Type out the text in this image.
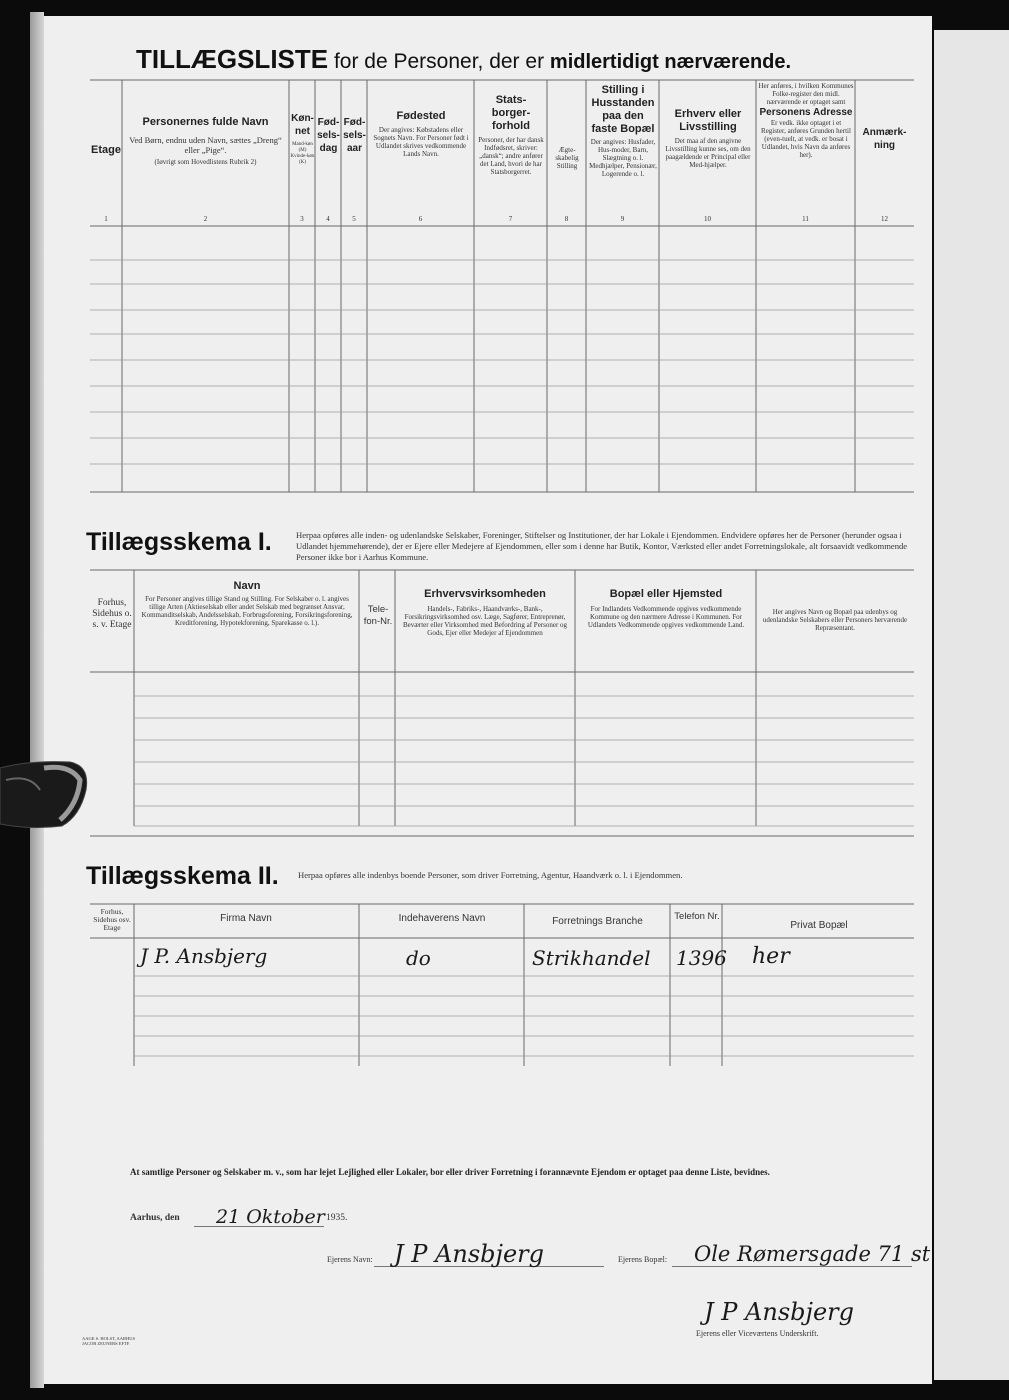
TILLÆGSLISTE for de Personer, der er midlertidigt nærværende.
Etage
Personernes fulde Navn
Ved Børn, endnu uden Navn, sættes „Dreng“ eller „Pige“.
(Iøvrigt som Hovedlistens Rubrik 2)
Køn-net
Mand-køn (M) Kvinde-køn (K)
Fød-sels-dag
Fød-sels-aar
Fødested
Der angives: Købstadens eller Sognets Navn. For Personer født i Udlandet skrives vedkommende Lands Navn.
Stats-borger-forhold
Personer, der har dansk Indfødsret, skriver: „dansk“; andre anfører det Land, hvori de har Statsborgerret.
Ægte-skabelig Stilling
Stilling i Husstanden paa den faste Bopæl
Der angives: Husfader, Hus-moder, Barn, Slægtning o. l. Medhjælper, Pensionær, Logerende o. l.
Erhverv eller Livsstilling
Det maa af den angivne Livsstilling kunne ses, om den paagældende er Principal eller Med-hjælper.
Her anføres, i hvilken Kommunes Folke-register den midl. nærværende er optaget samt
Personens Adresse
Er vedk. ikke optaget i et Register, anføres Grunden hertil (even-tuelt, at vedk. er bosat i Udlandet, hvis Navn da anføres her).
Anmærk-ning
1	2	3	4	5	6	7	8	9	10	11	12
Tillægsskema I.	Herpaa opføres alle inden- og udenlandske Selskaber, Foreninger, Stiftelser og Institutioner, der har Lokale i Ejendommen. Endvidere opføres her de Personer (herunder ogsaa i Udlandet hjemmehørende), der er Ejere eller Medejere af Ejendommen, eller som i denne har Butik, Kontor, Værksted eller andet Forretningslokale, alt forsaavidt vedkommende Personer ikke bor i Aarhus Kommune.
Forhus, Sidehus o. s. v. Etage
Navn
For Personer angives tillige Stand og Stilling. For Selskaber o. l. angives tillige Arten (Aktieselskab eller andet Selskab med begrænset Ansvar, Kommanditselskab, Andelsselskab, Forbrugsforening, Forsikringsforening, Kreditforening, Hypotekforening, Sparekasse o. l.).
Tele-fon-Nr.
Erhvervsvirksomheden
Handels-, Fabriks-, Haandværks-, Bank-, Forsikringsvirksomhed osv. Læge, Sagfører, Entreprenør, Beværter eller Virksomhed med Befordring af Personer og Gods, Ejer eller Medejer af Ejendommen
Bopæl eller Hjemsted
For Indlandets Vedkommende opgives vedkommende Kommune og den nærmere Adresse i Kommunen. For Udlandets Vedkommende opgives vedkommende Land.
Her angives Navn og Bopæl paa udenbys og udenlandske Selskabers eller Personers herværende Repræsentant.
Tillægsskema II. Herpaa opføres alle indenbys boende Personer, som driver Forretning, Agentur, Haandværk o. l. i Ejendommen.
Forhus, Sidehus osv. Etage
Firma Navn	Indehaverens Navn	Forretnings Branche	Telefon Nr.
Privat Bopæl
J P. Ansbjerg	do	Strikhandel 1396 her
At samtlige Personer og Selskaber m. v., som har lejet Lejlighed eller Lokaler, bor eller driver Forretning i forannævnte Ejendom er optaget paa denne Liste, bevidnes.
Aarhus, den 21 Oktober 1935.
Ejerens Navn: J P Ansbjerg	Ejerens Bopæl: Ole Rømersgade 71 st
J P Ansbjerg
Ejerens eller Viceværtens Underskrift.
AAGE S. HOLST, AARHUS JACOB ZEUNERS EFTF.
